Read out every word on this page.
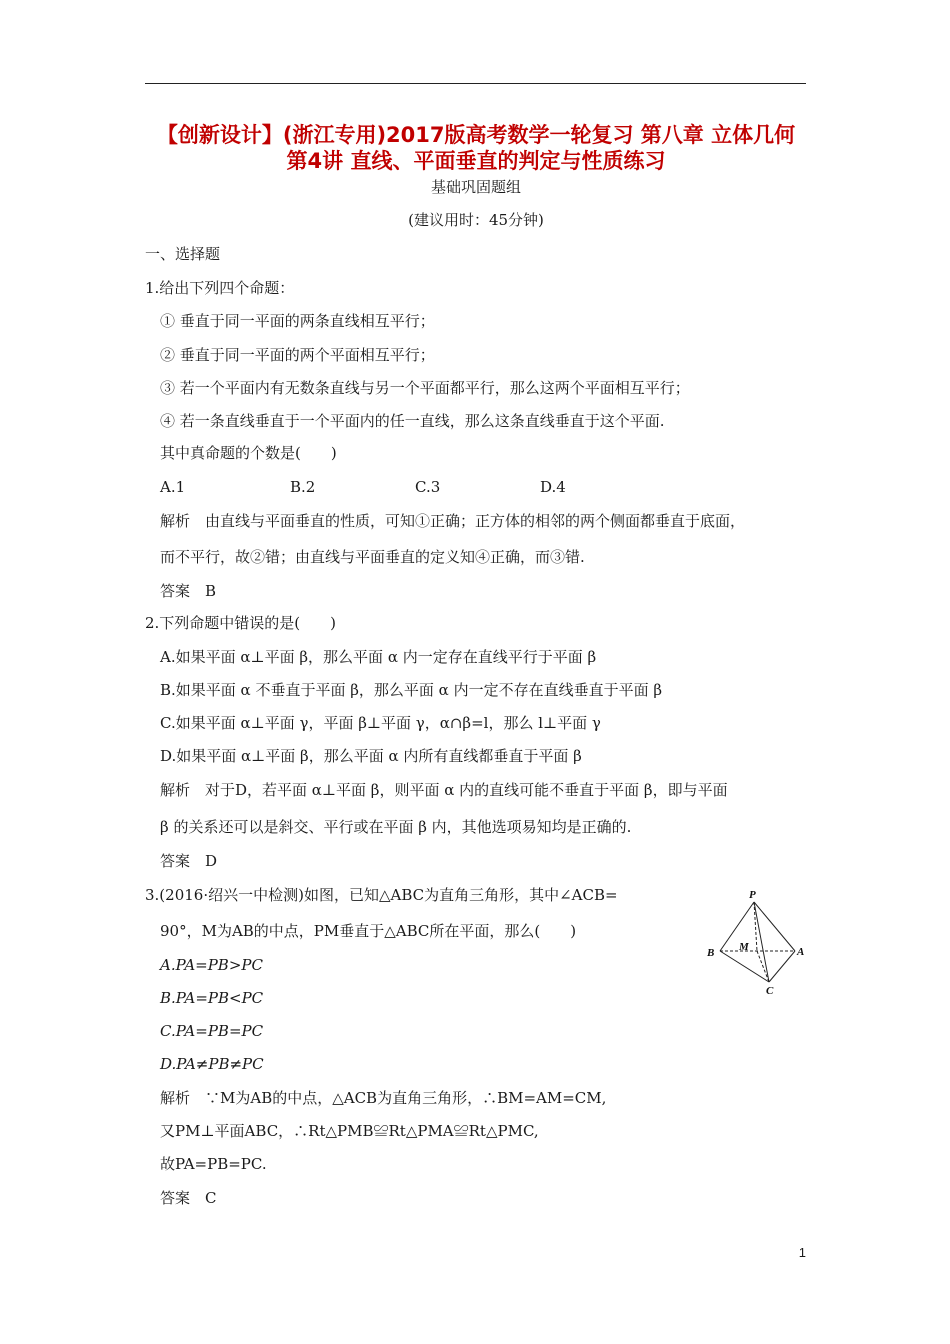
【创新设计】(浙江专用)2017版高考数学一轮复习 第八章 立体几何
第4讲 直线、平面垂直的判定与性质练习
基础巩固题组
(建议用时：45分钟)
一、选择题
1.给出下列四个命题：
① 垂直于同一平面的两条直线相互平行；
② 垂直于同一平面的两个平面相互平行；
③ 若一个平面内有无数条直线与另一个平面都平行，那么这两个平面相互平行；
④ 若一条直线垂直于一个平面内的任一直线，那么这条直线垂直于这个平面.
其中真命题的个数是(　　)
A.1	B.2	C.3	D.4
解析　由直线与平面垂直的性质，可知①正确；正方体的相邻的两个侧面都垂直于底面，
而不平行，故②错；由直线与平面垂直的定义知④正确，而③错.
答案　B
2.下列命题中错误的是(　　)
A.如果平面 α⊥平面 β，那么平面 α 内一定存在直线平行于平面 β
B.如果平面 α 不垂直于平面 β，那么平面 α 内一定不存在直线垂直于平面 β
C.如果平面 α⊥平面 γ，平面 β⊥平面 γ，α∩β=l，那么 l⊥平面 γ
D.如果平面 α⊥平面 β，那么平面 α 内所有直线都垂直于平面 β
解析　对于D，若平面 α⊥平面 β，则平面 α 内的直线可能不垂直于平面 β，即与平面
β 的关系还可以是斜交、平行或在平面 β 内，其他选项易知均是正确的.
答案　D
3.(2016·绍兴一中检测)如图，已知△ABC为直角三角形，其中∠ACB=
90°，M为AB的中点，PM垂直于△ABC所在平面，那么(　　)
A.PA=PB>PC
B.PA=PB<PC
C.PA=PB=PC
D.PA≠PB≠PC
解析　∵M为AB的中点，△ACB为直角三角形，∴BM=AM=CM,
又PM⊥平面ABC，∴Rt△PMB≌Rt△PMA≌Rt△PMC,
故PA=PB=PC.
答案　C
P
B M	A
C
1
